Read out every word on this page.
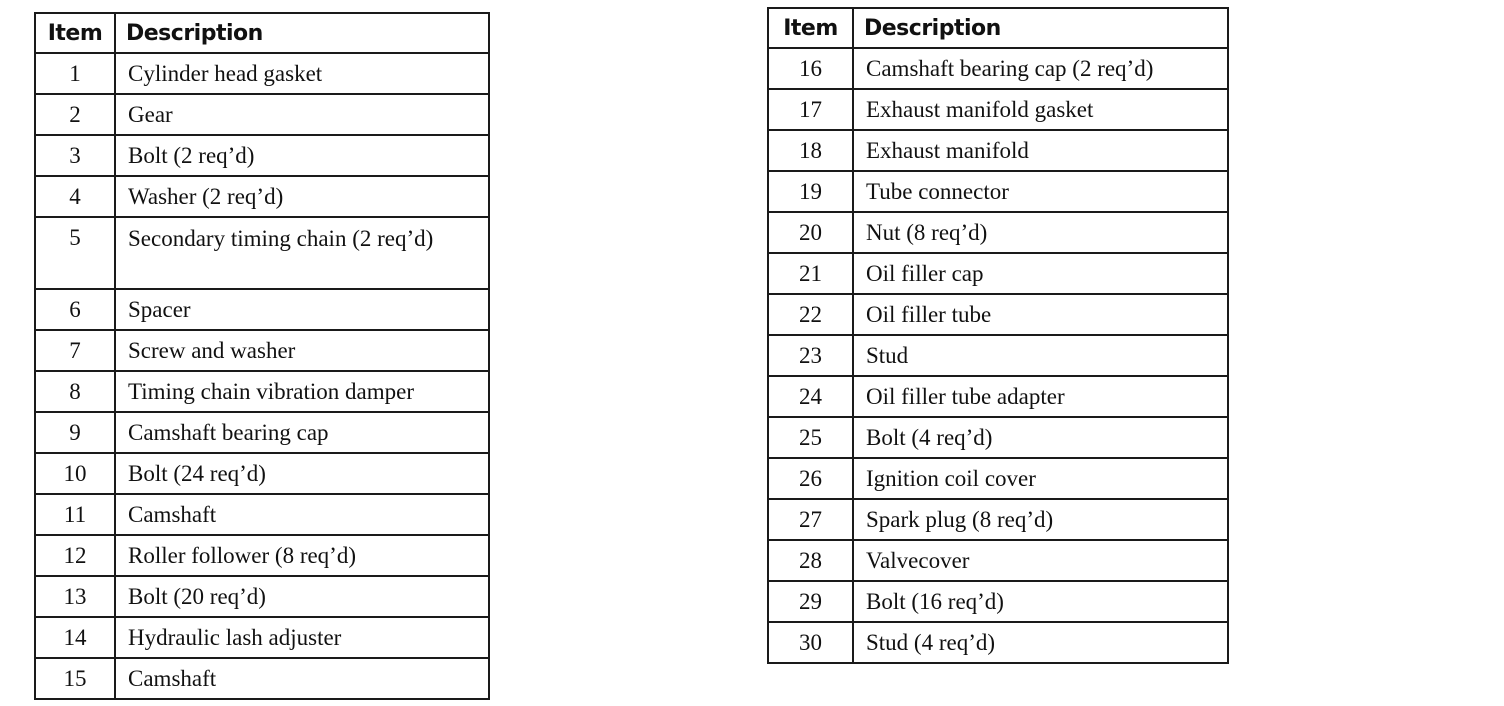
Item	Description
1	Cylinder head gasket
2	Gear
3	Bolt (2 req’d)
4	Washer (2 req’d)
5	Secondary timing chain (2 req’d)
6	Spacer
7	Screw and washer
8	Timing chain vibration damper
9	Camshaft bearing cap
10	Bolt (24 req’d)
11	Camshaft
12	Roller follower (8 req’d)
13	Bolt (20 req’d)
14	Hydraulic lash adjuster
15	Camshaft
Item	Description
16	Camshaft bearing cap (2 req’d)
17	Exhaust manifold gasket
18	Exhaust manifold
19	Tube connector
20	Nut (8 req’d)
21	Oil filler cap
22	Oil filler tube
23	Stud
24	Oil filler tube adapter
25	Bolt (4 req’d)
26	Ignition coil cover
27	Spark plug (8 req’d)
28	Valvecover
29	Bolt (16 req’d)
30	Stud (4 req’d)
